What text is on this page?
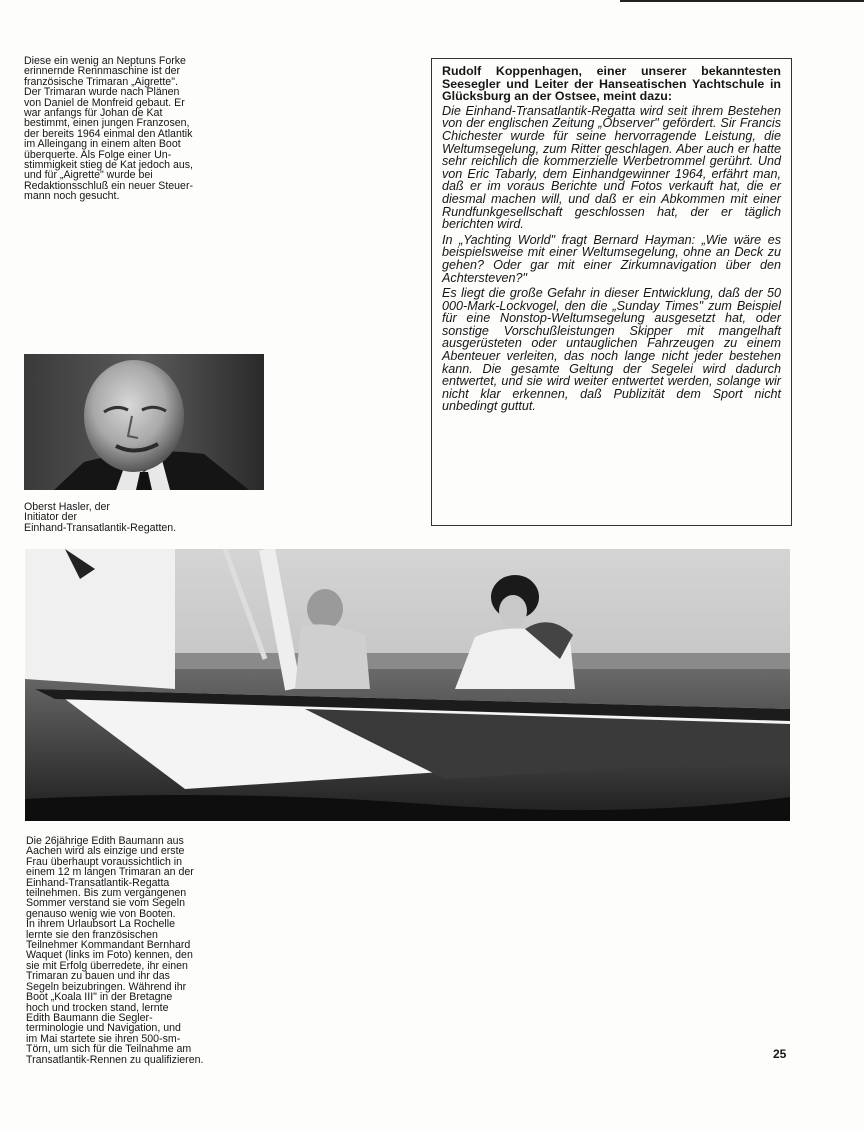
Diese ein wenig an Neptuns Forke

erinnernde Rennmaschine ist der

französische Trimaran „Aigrette".

Der Trimaran wurde nach Plänen

von Daniel de Monfreid gebaut. Er

war anfangs für Johan de Kat

bestimmt, einen jungen Franzosen,

der bereits 1964 einmal den Atlantik

im Alleingang in einem alten Boot

überquerte. Als Folge einer Un-

stimmigkeit stieg de Kat jedoch aus,

und für „Aigrette" wurde bei

Redaktionsschluß ein neuer Steuer-

mann noch gesucht.

Oberst Hasler, der

Initiator der

Einhand-Transatlantik-Regatten.

Rudolf Koppenhagen, einer unserer bekanntesten Seesegler und Leiter der Hanseatischen Yachtschule in Glücksburg an der Ostsee, meint dazu:

Die Einhand-Transatlantik-Regatta wird seit ihrem Bestehen von der englischen Zeitung „Observer" gefördert. Sir Francis Chichester wurde für seine hervorragende Leistung, die Weltumsegelung, zum Ritter geschlagen. Aber auch er hatte sehr reichlich die kommerzielle Werbetrommel gerührt. Und von Eric Tabarly, dem Einhandgewinner 1964, erfährt man, daß er im voraus Berichte und Fotos verkauft hat, die er diesmal machen will, und daß er ein Abkommen mit einer Rundfunkgesellschaft geschlossen hat, der er täglich berichten wird.

In „Yachting World" fragt Bernard Hayman: „Wie wäre es beispielsweise mit einer Weltumsegelung, ohne an Deck zu gehen? Oder gar mit einer Zirkumnavigation über den Achtersteven?"

Es liegt die große Gefahr in dieser Entwicklung, daß der 50 000-Mark-Lockvogel, den die „Sunday Times" zum Beispiel für eine Nonstop-Weltumsegelung ausgesetzt hat, oder sonstige Vorschußleistungen Skipper mit mangelhaft ausgerüsteten oder untauglichen Fahrzeugen zu einem Abenteuer verleiten, das noch lange nicht jeder bestehen kann. Die gesamte Geltung der Segelei wird dadurch entwertet, und sie wird weiter entwertet werden, solange wir nicht klar erkennen, daß Publizität dem Sport nicht unbedingt guttut.

Die 26jährige Edith Baumann aus

Aachen wird als einzige und erste

Frau überhaupt voraussichtlich in

einem 12 m langen Trimaran an der

Einhand-Transatlantik-Regatta

teilnehmen. Bis zum vergangenen

Sommer verstand sie vom Segeln

genauso wenig wie von Booten.

In ihrem Urlaubsort La Rochelle

lernte sie den französischen

Teilnehmer Kommandant Bernhard

Waquet (links im Foto) kennen, den

sie mit Erfolg überredete, ihr einen

Trimaran zu bauen und ihr das

Segeln beizubringen. Während ihr

Boot „Koala III" in der Bretagne

hoch und trocken stand, lernte

Edith Baumann die Segler-

terminologie und Navigation, und

im Mai startete sie ihren 500-sm-

Törn, um sich für die Teilnahme am

Transatlantik-Rennen zu qualifizieren.	25
